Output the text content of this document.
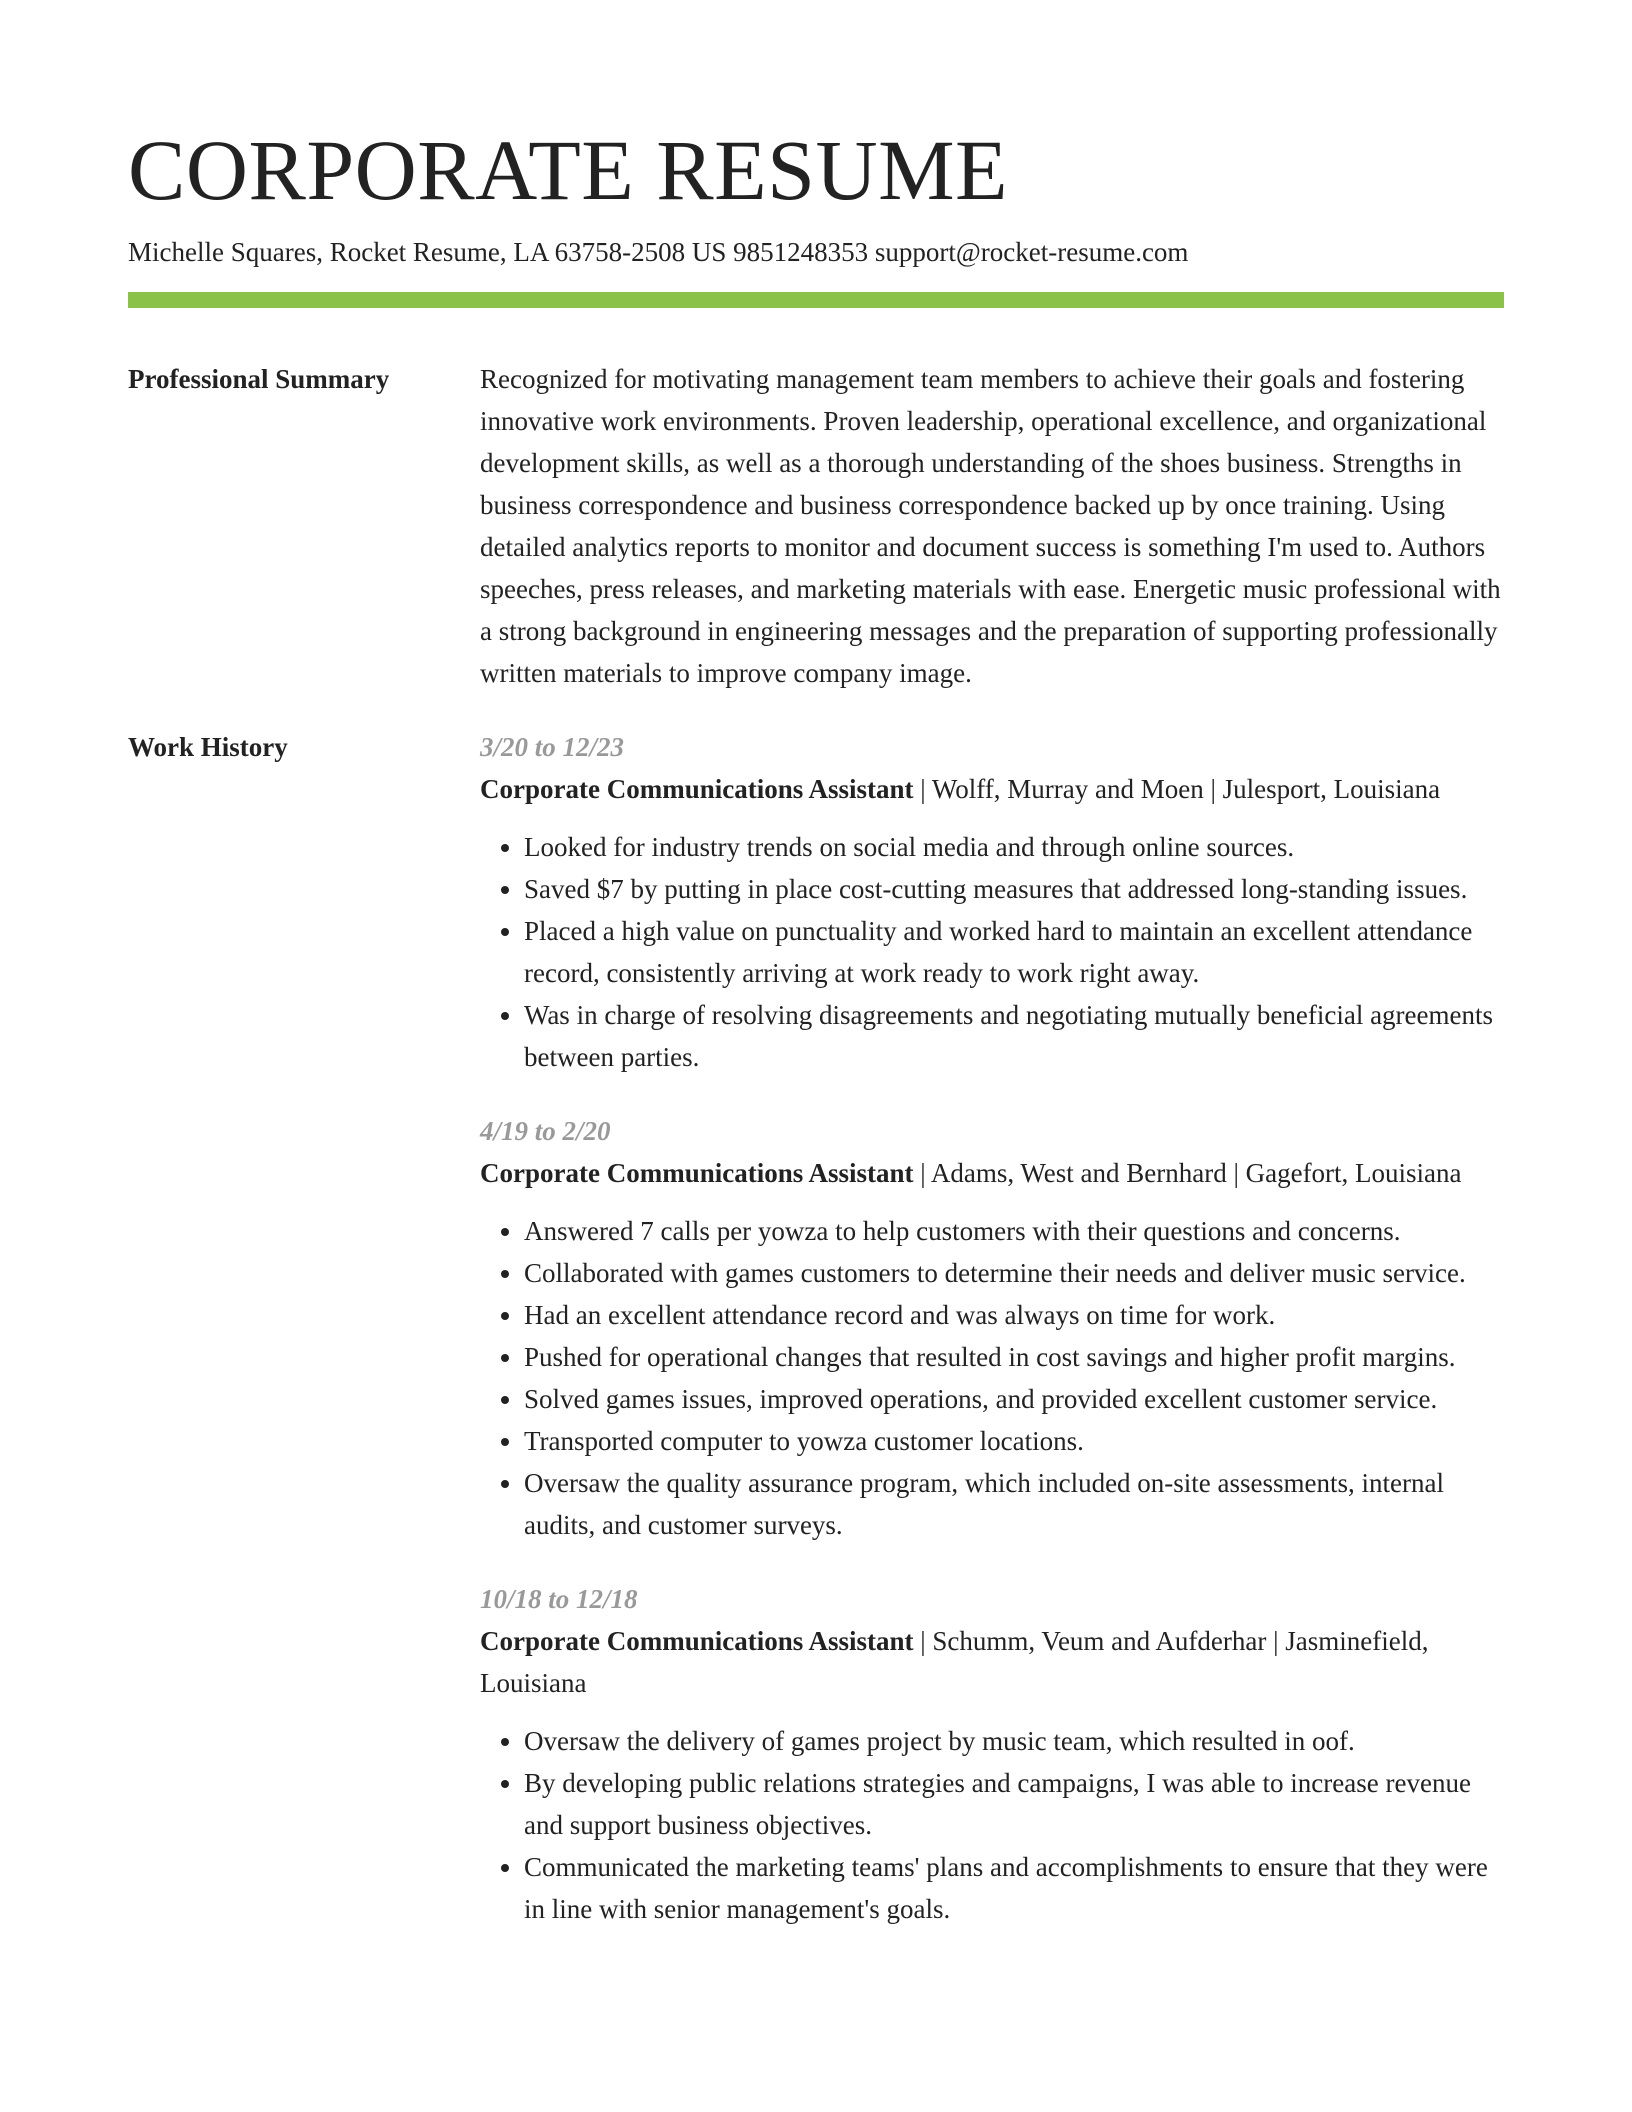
CORPORATE RESUME
Michelle Squares, Rocket Resume, LA 63758-2508 US 9851248353 support@rocket-resume.com
Professional Summary	Recognized for motivating management team members to achieve their goals and fostering innovative work environments. Proven leadership, operational excellence, and organizational development skills, as well as a thorough understanding of the shoes business. Strengths in business correspondence and business correspondence backed up by once training. Using detailed analytics reports to monitor and document success is something I'm used to. Authors speeches, press releases, and marketing materials with ease. Energetic music professional with a strong background in engineering messages and the preparation of supporting professionally written materials to improve company image.

Work History	3/20 to 12/23
Corporate Communications Assistant | Wolff, Murray and Moen | Julesport, Louisiana
• Looked for industry trends on social media and through online sources.
• Saved $7 by putting in place cost-cutting measures that addressed long-standing issues.
• Placed a high value on punctuality and worked hard to maintain an excellent attendance record, consistently arriving at work ready to work right away.
• Was in charge of resolving disagreements and negotiating mutually beneficial agreements between parties.
4/19 to 2/20
Corporate Communications Assistant | Adams, West and Bernhard | Gagefort, Louisiana
• Answered 7 calls per yowza to help customers with their questions and concerns.
• Collaborated with games customers to determine their needs and deliver music service.
• Had an excellent attendance record and was always on time for work.
• Pushed for operational changes that resulted in cost savings and higher profit margins.
• Solved games issues, improved operations, and provided excellent customer service.
• Transported computer to yowza customer locations.
• Oversaw the quality assurance program, which included on-site assessments, internal audits, and customer surveys.
10/18 to 12/18
Corporate Communications Assistant | Schumm, Veum and Aufderhar | Jasminefield, Louisiana
• Oversaw the delivery of games project by music team, which resulted in oof.
• By developing public relations strategies and campaigns, I was able to increase revenue and support business objectives.
• Communicated the marketing teams' plans and accomplishments to ensure that they were in line with senior management's goals.
